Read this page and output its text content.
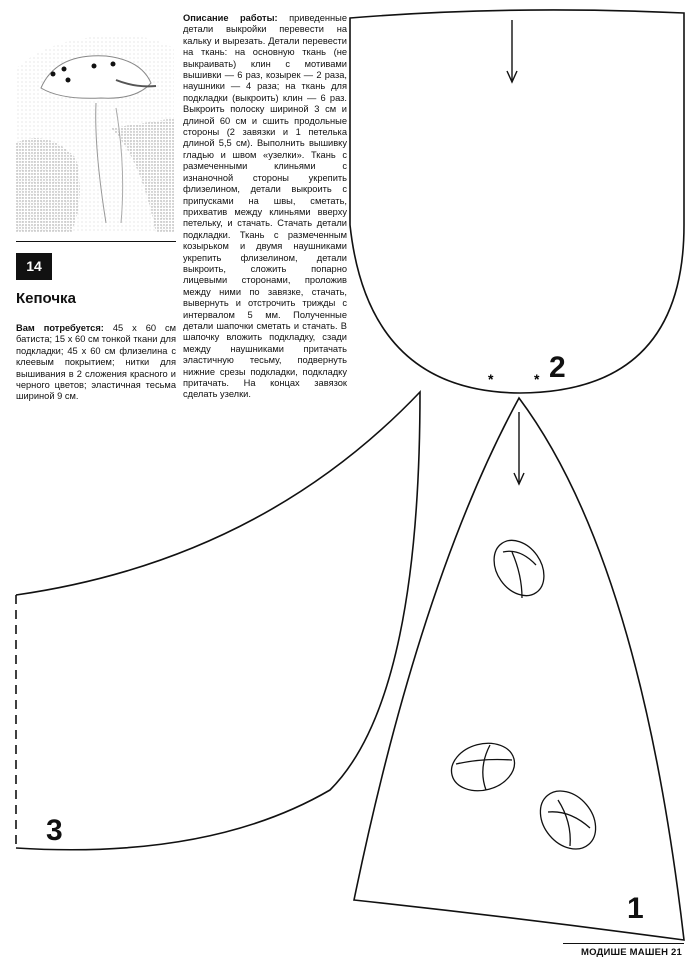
14
Кепочка
Вам потребуется: 45 х 60 см батиста; 15 х 60 см тонкой ткани для подкладки; 45 х 60 см флизелина с клеевым покрытием; нитки для вышивания в 2 сложения красного и черного цветов; эластичная тесьма шириной 9 см.
Описание работы: приведенные детали выкройки перевести на кальку и вырезать. Детали перевести на ткань: на основную ткань (не выкраивать) клин с мотивами вышивки — 6 раз, козырек — 2 раза, наушники — 4 раза; на ткань для подкладки (выкроить) клин — 6 раз. Выкроить полоску шириной 3 см и длиной 60 см и сшить продольные стороны (2 завязки и 1 петелька длиной 5,5 см). Выполнить вышивку гладью и швом «узелки». Ткань с размеченными клиньями с изнаночной стороны укрепить флизелином, детали выкроить с припусками на швы, сметать, прихватив между клиньями вверху петельку, и стачать. Стачать детали подкладки. Ткань с размеченным козырьком и двумя наушниками укрепить флизелином, детали выкроить, сложить попарно лицевыми сторонами, проложив между ними по завязке, стачать, вывернуть и отстрочить трижды с интервалом 5 мм. Полученные детали шапочки сметать и стачать. В шапочку вложить подкладку, сзади между наушниками притачать эластичную тесьму, подвернуть нижние срезы подкладки, подкладку притачать. На концах завязок сделать узелки.
*	* 2
1
3
МОДИШЕ МАШЕН 21
